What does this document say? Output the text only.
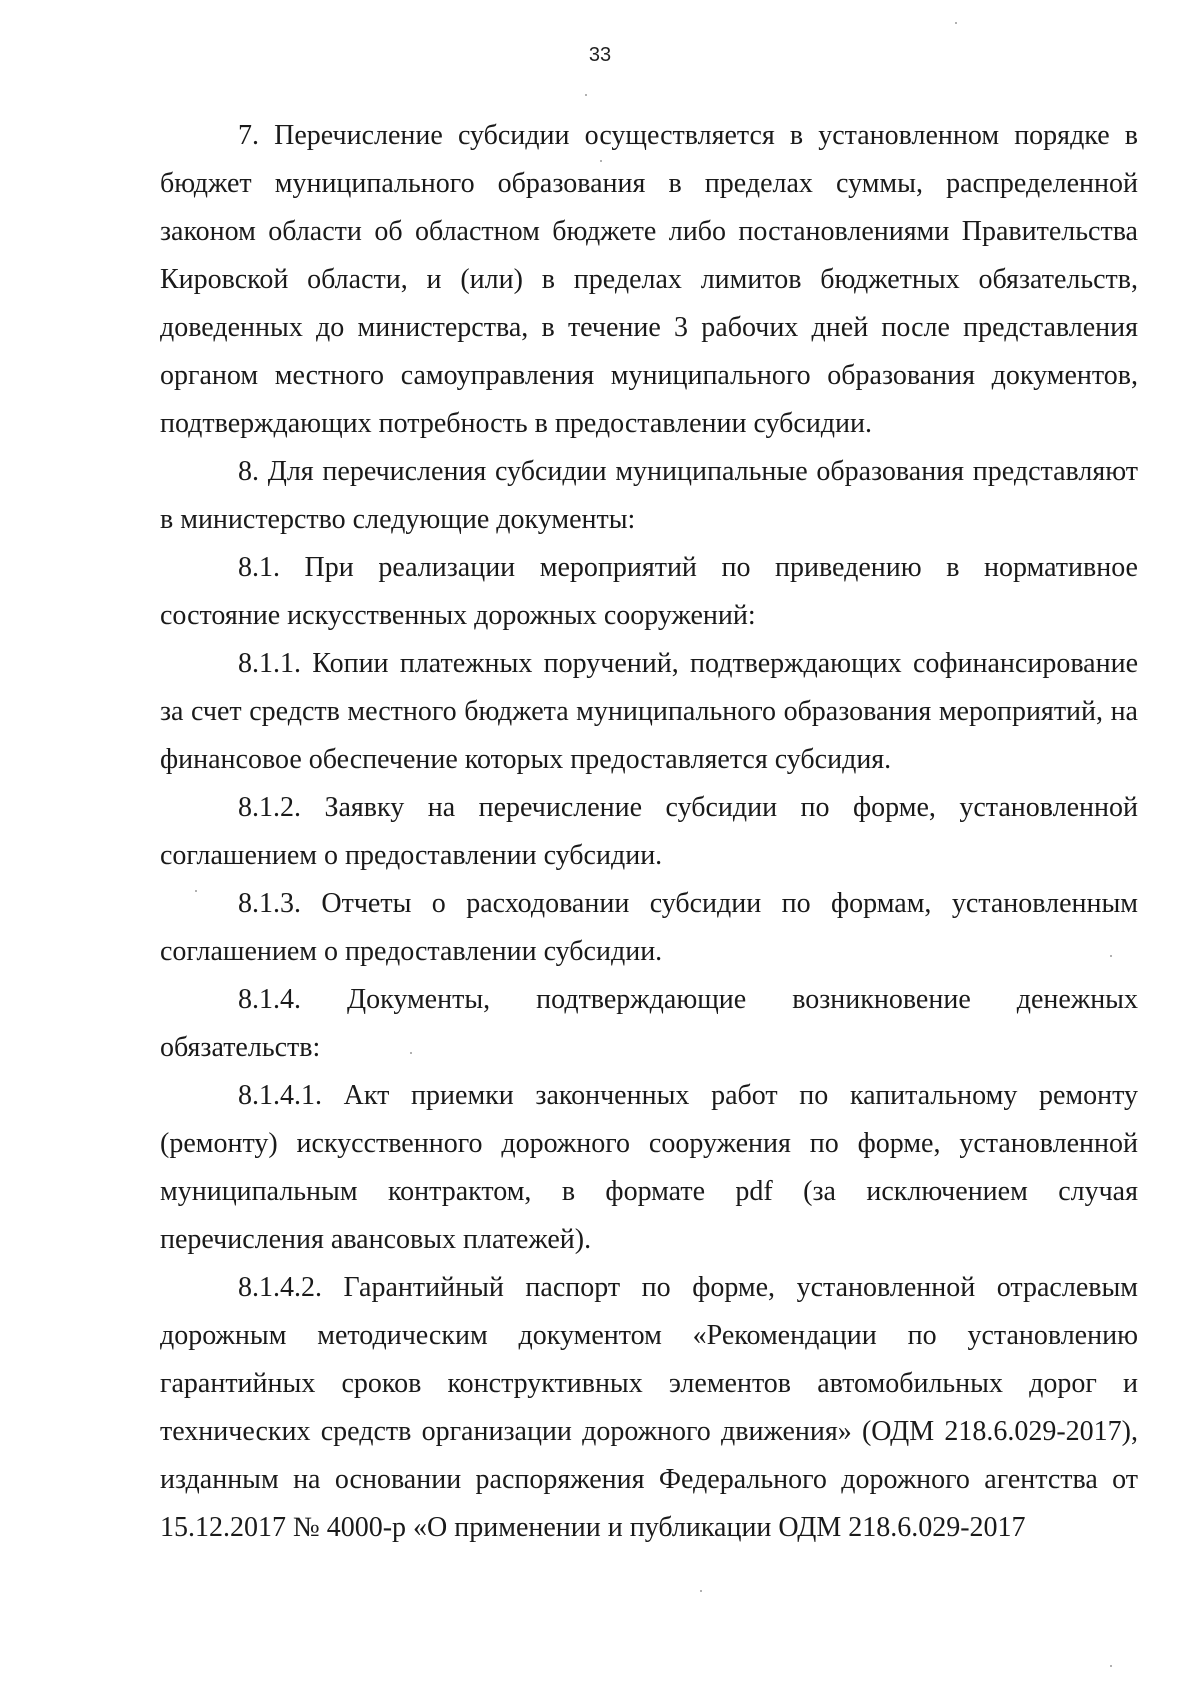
33

7. Перечисление субсидии осуществляется в установленном порядке в бюджет муниципального образования в пределах суммы, распределенной законом области об областном бюджете либо постановлениями Правительства Кировской области, и (или) в пределах лимитов бюджетных обязательств, доведенных до министерства, в течение 3 рабочих дней после представления органом местного самоуправления муниципального образования документов, подтверждающих потребность в предоставлении субсидии.

8. Для перечисления субсидии муниципальные образования представляют в министерство следующие документы:

8.1. При реализации мероприятий по приведению в нормативное состояние искусственных дорожных сооружений:

8.1.1. Копии платежных поручений, подтверждающих софинансирование за счет средств местного бюджета муниципального образования мероприятий, на финансовое обеспечение которых предоставляется субсидия.

8.1.2. Заявку на перечисление субсидии по форме, установленной соглашением о предоставлении субсидии.

8.1.3. Отчеты о расходовании субсидии по формам, установленным соглашением о предоставлении субсидии.

8.1.4. Документы, подтверждающие возникновение денежных обязательств:

8.1.4.1. Акт приемки законченных работ по капитальному ремонту (ремонту) искусственного дорожного сооружения по форме, установленной муниципальным контрактом, в формате pdf (за исключением случая перечисления авансовых платежей).

8.1.4.2. Гарантийный паспорт по форме, установленной отраслевым дорожным методическим документом «Рекомендации по установлению гарантийных сроков конструктивных элементов автомобильных дорог и технических средств организации дорожного движения» (ОДМ 218.6.029-2017), изданным на основании распоряжения Федерального дорожного агентства от 15.12.2017 № 4000-р «О применении и публикации ОДМ 218.6.029-2017
